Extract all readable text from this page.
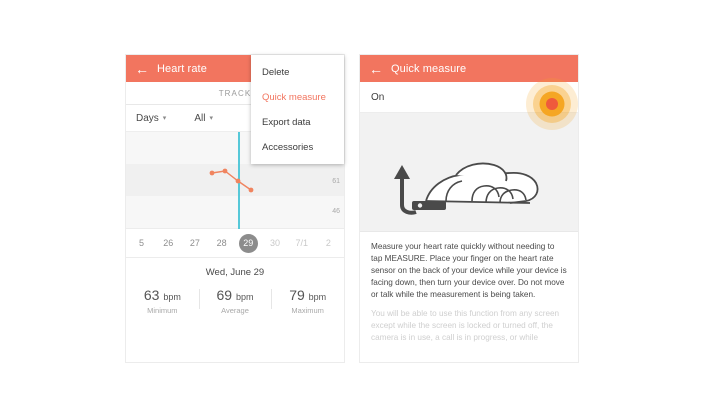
← Heart rate
TRACK
Days ▾	All ▾
61
46
5	26	27	28	29	30	7/1	2
Wed, June 29
63 bpm
Minimum
69 bpm
Average
79 bpm
Maximum
Delete
Quick measure
Export data
Accessories
← Quick measure
On
Measure your heart rate quickly without needing to tap MEASURE. Place your finger on the heart rate sensor on the back of your device while your device is facing down, then turn your device over. Do not move or talk while the measurement is being taken.
You will be able to use this function from any screen except while the screen is locked or turned off, the camera is in use, a call is in progress, or while
